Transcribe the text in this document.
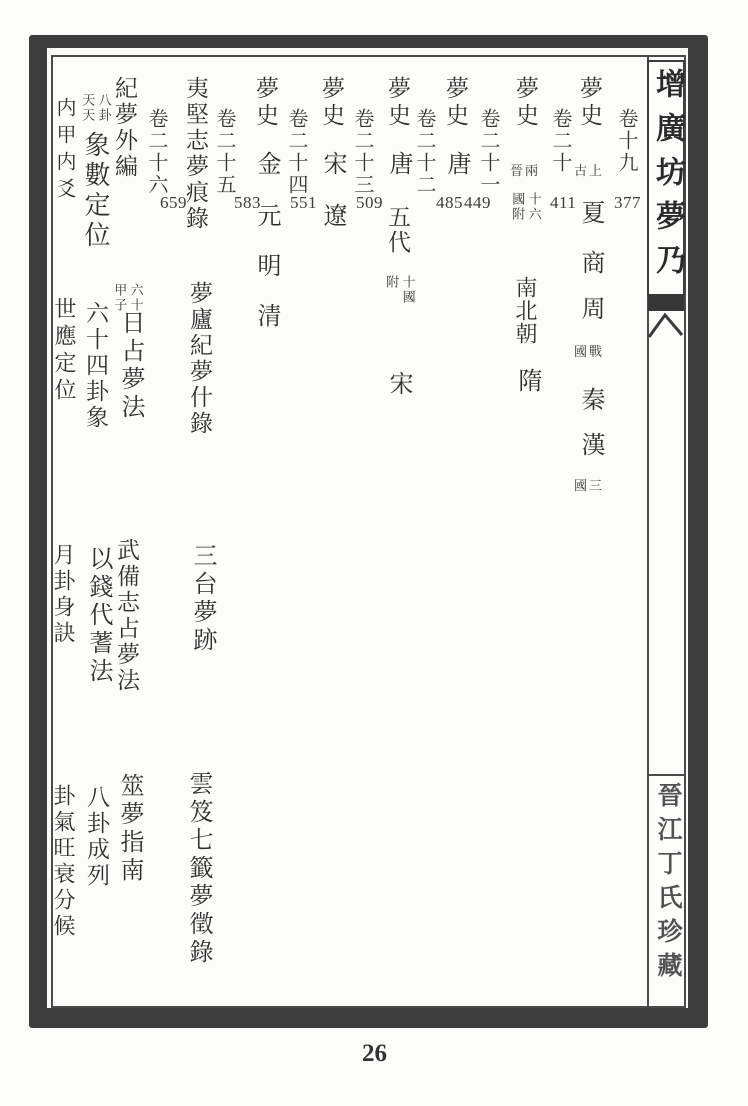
增廣坊夢乃
晉江丁氏珍藏
卷十九
377
夢史
上古
夏
商
周
戰國
秦
漢
三國
卷二十
411
夢史
兩晉
十六
國附
南北朝
隋
卷二十一
449
夢史
唐
卷二十二
485
夢史
唐
五代
十國
附
宋
卷二十三
509
夢史
宋
遼
卷二十四
551
夢史
金
元
明
清
卷二十五
583
夷堅志夢痕錄
夢廬紀夢什錄
三台夢跡
雲笈七籤夢徵錄
卷二十六
659
紀夢外編
六十
甲子
日占夢法
武備志占夢法
筮夢指南
八卦
天天
象數定位
六十四卦象
以錢代蓍法
八卦成列
内甲内爻
世應定位
月卦身訣
卦氣旺衰分候
26
